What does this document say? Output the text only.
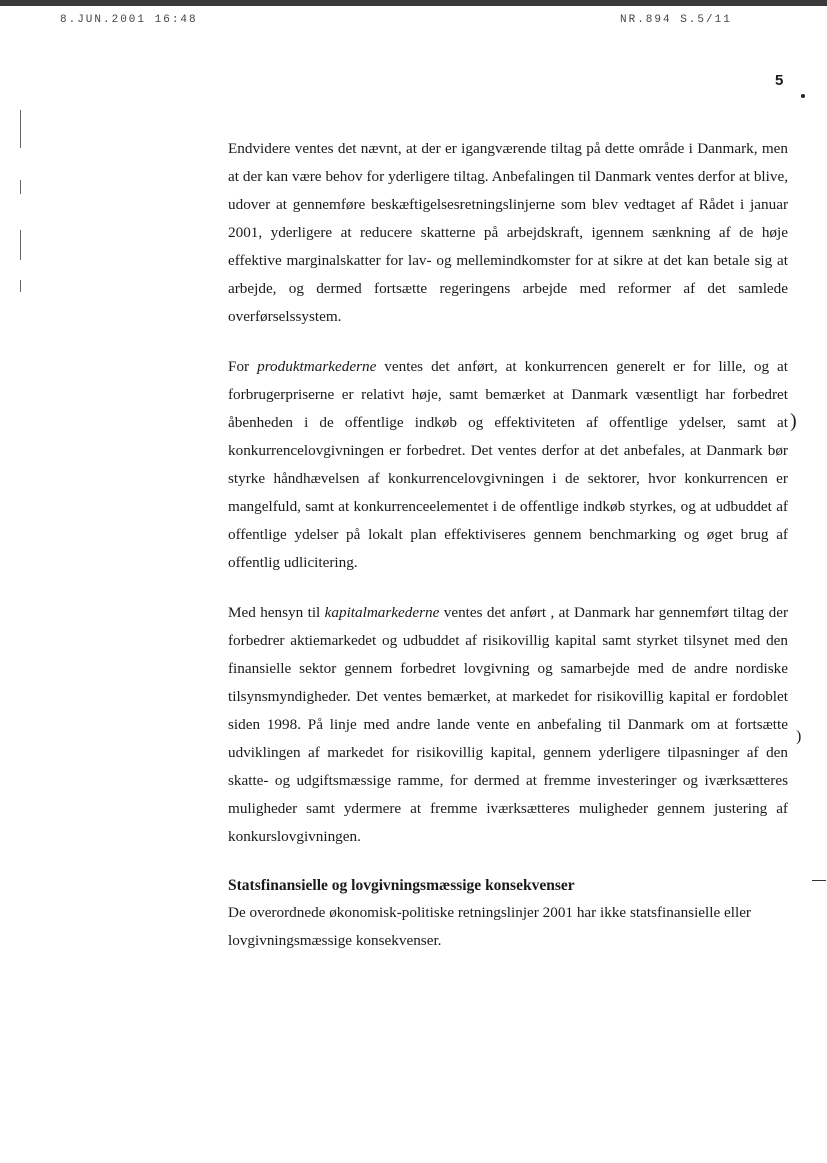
8.JUN.2001 16:48	NR.894 S.5/11
5
)
)

Endvidere ventes det nævnt, at der er igangværende tiltag på dette område i Danmark, men at der kan være behov for yderligere tiltag. Anbefalingen til Danmark ventes derfor at blive, udover at gennemføre beskæftigelsesretningslinjerne som blev vedtaget af Rådet i januar 2001, yderligere at reducere skatterne på arbejdskraft, igennem sænkning af de høje effektive marginalskatter for lav- og mellemindkomster for at sikre at det kan betale sig at arbejde, og dermed fortsætte regeringens arbejde med reformer af det samlede overførselssystem.

For produktmarkederne ventes det anført, at konkurrencen generelt er for lille, og at forbrugerpriserne er relativt høje, samt bemærket at Danmark væsentligt har forbedret åbenheden i de offentlige indkøb og effektiviteten af offentlige ydelser, samt at konkurrencelovgivningen er forbedret. Det ventes derfor at det anbefales, at Danmark bør styrke håndhævelsen af konkurrencelovgivningen i de sektorer, hvor konkurrencen er mangelfuld, samt at konkurrenceelementet i de offentlige indkøb styrkes, og at udbuddet af offentlige ydelser på lokalt plan effektiviseres gennem benchmarking og øget brug af offentlig udlicitering.

Med hensyn til kapitalmarkederne ventes det anført , at Danmark har gennemført tiltag der forbedrer aktiemarkedet og udbuddet af risikovillig kapital samt styrket tilsynet med den finansielle sektor gennem forbedret lovgivning og samarbejde med de andre nordiske tilsynsmyndigheder. Det ventes bemærket, at markedet for risikovillig kapital er fordoblet siden 1998. På linje med andre lande vente en anbefaling til Danmark om at fortsætte udviklingen af markedet for risikovillig kapital, gennem yderligere tilpasninger af den skatte- og udgiftsmæssige ramme, for dermed at fremme investeringer og iværksætteres muligheder samt ydermere at fremme iværksætteres muligheder gennem justering af konkurslovgivningen.

Statsfinansielle og lovgivningsmæssige konsekvenser

De overordnede økonomisk-politiske retningslinjer 2001 har ikke statsfinansielle eller lovgivningsmæssige konsekvenser.
